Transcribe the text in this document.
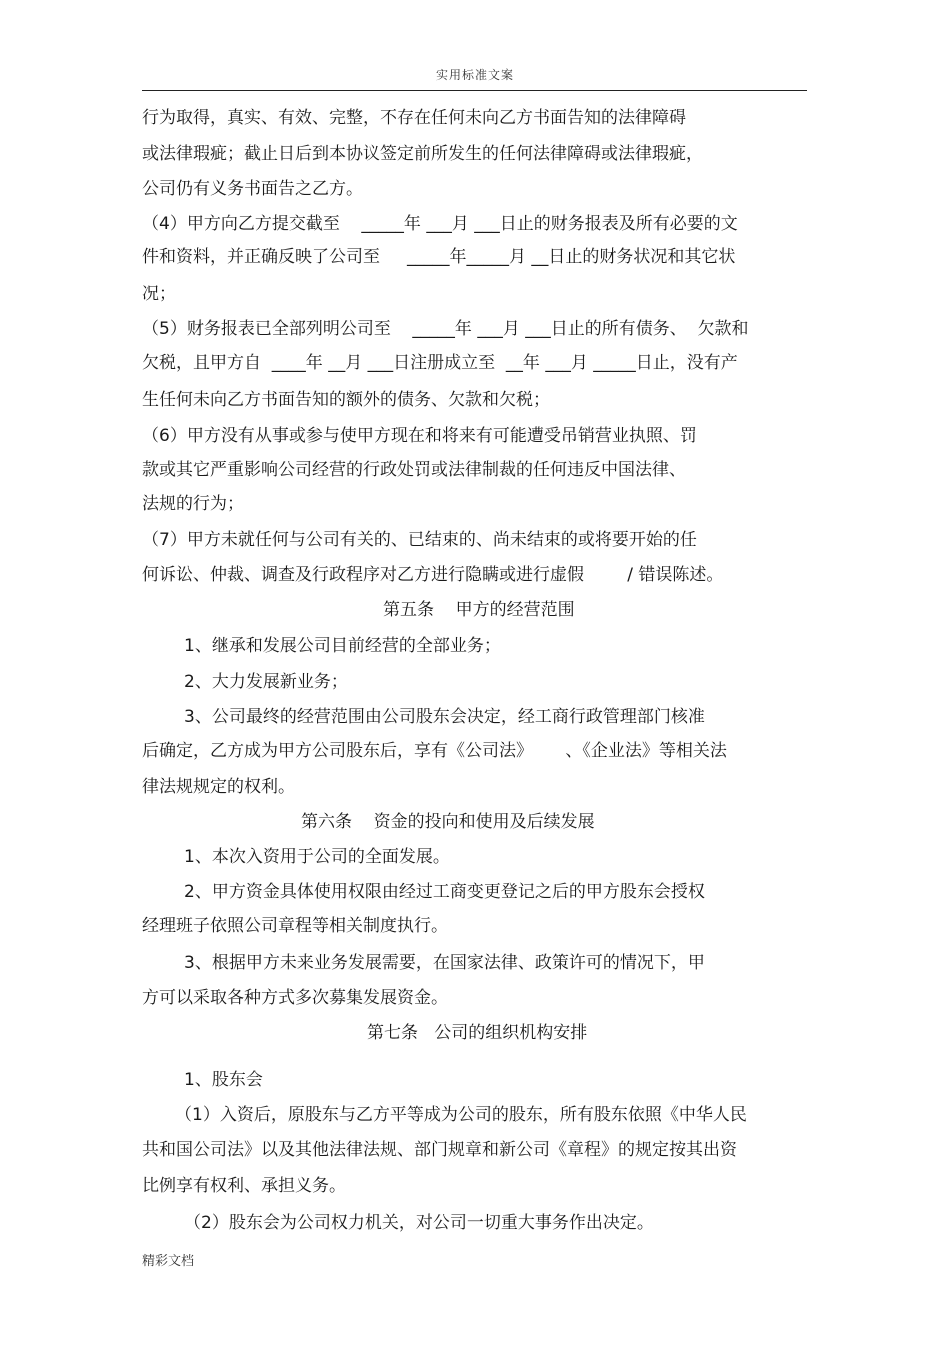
实用标准文案
行为取得，真实、有效、完整，不存在任何未向乙方书面告知的法律障碍
或法律瑕疵；截止日后到本协议签定前所发生的任何法律障碍或法律瑕疵，
公司仍有义务书面告之乙方。
（4）甲方向乙方提交截至    _____年 ___月 ___日止的财务报表及所有必要的文
件和资料，并正确反映了公司至     _____年_____月 __日止的财务状况和其它状
况；
（5）财务报表已全部列明公司至    _____年 ___月 ___日止的所有债务、  欠款和
欠税，且甲方自  ____年 __月 ___日注册成立至  __年 ___月 _____日止，没有产
生任何未向乙方书面告知的额外的债务、欠款和欠税；
（6）甲方没有从事或参与使甲方现在和将来有可能遭受吊销营业执照、罚
款或其它严重影响公司经营的行政处罚或法律制裁的任何违反中国法律、
法规的行为；
（7）甲方未就任何与公司有关的、已结束的、尚未结束的或将要开始的任
何诉讼、仲裁、调查及行政程序对乙方进行隐瞒或进行虚假        / 错误陈述。
第五条    甲方的经营范围
1、继承和发展公司目前经营的全部业务；
2、大力发展新业务；
3、公司最终的经营范围由公司股东会决定，经工商行政管理部门核准
后确定，乙方成为甲方公司股东后，享有《公司法》      、《企业法》等相关法
律法规规定的权利。
第六条    资金的投向和使用及后续发展
1、本次入资用于公司的全面发展。
2、甲方资金具体使用权限由经过工商变更登记之后的甲方股东会授权
经理班子依照公司章程等相关制度执行。
3、根据甲方未来业务发展需要，在国家法律、政策许可的情况下，甲
方可以采取各种方式多次募集发展资金。
第七条   公司的组织机构安排
1、股东会
（1）入资后，原股东与乙方平等成为公司的股东，所有股东依照《中华人民
共和国公司法》以及其他法律法规、部门规章和新公司《章程》的规定按其出资
比例享有权利、承担义务。
（2）股东会为公司权力机关，对公司一切重大事务作出决定。
精彩文档
